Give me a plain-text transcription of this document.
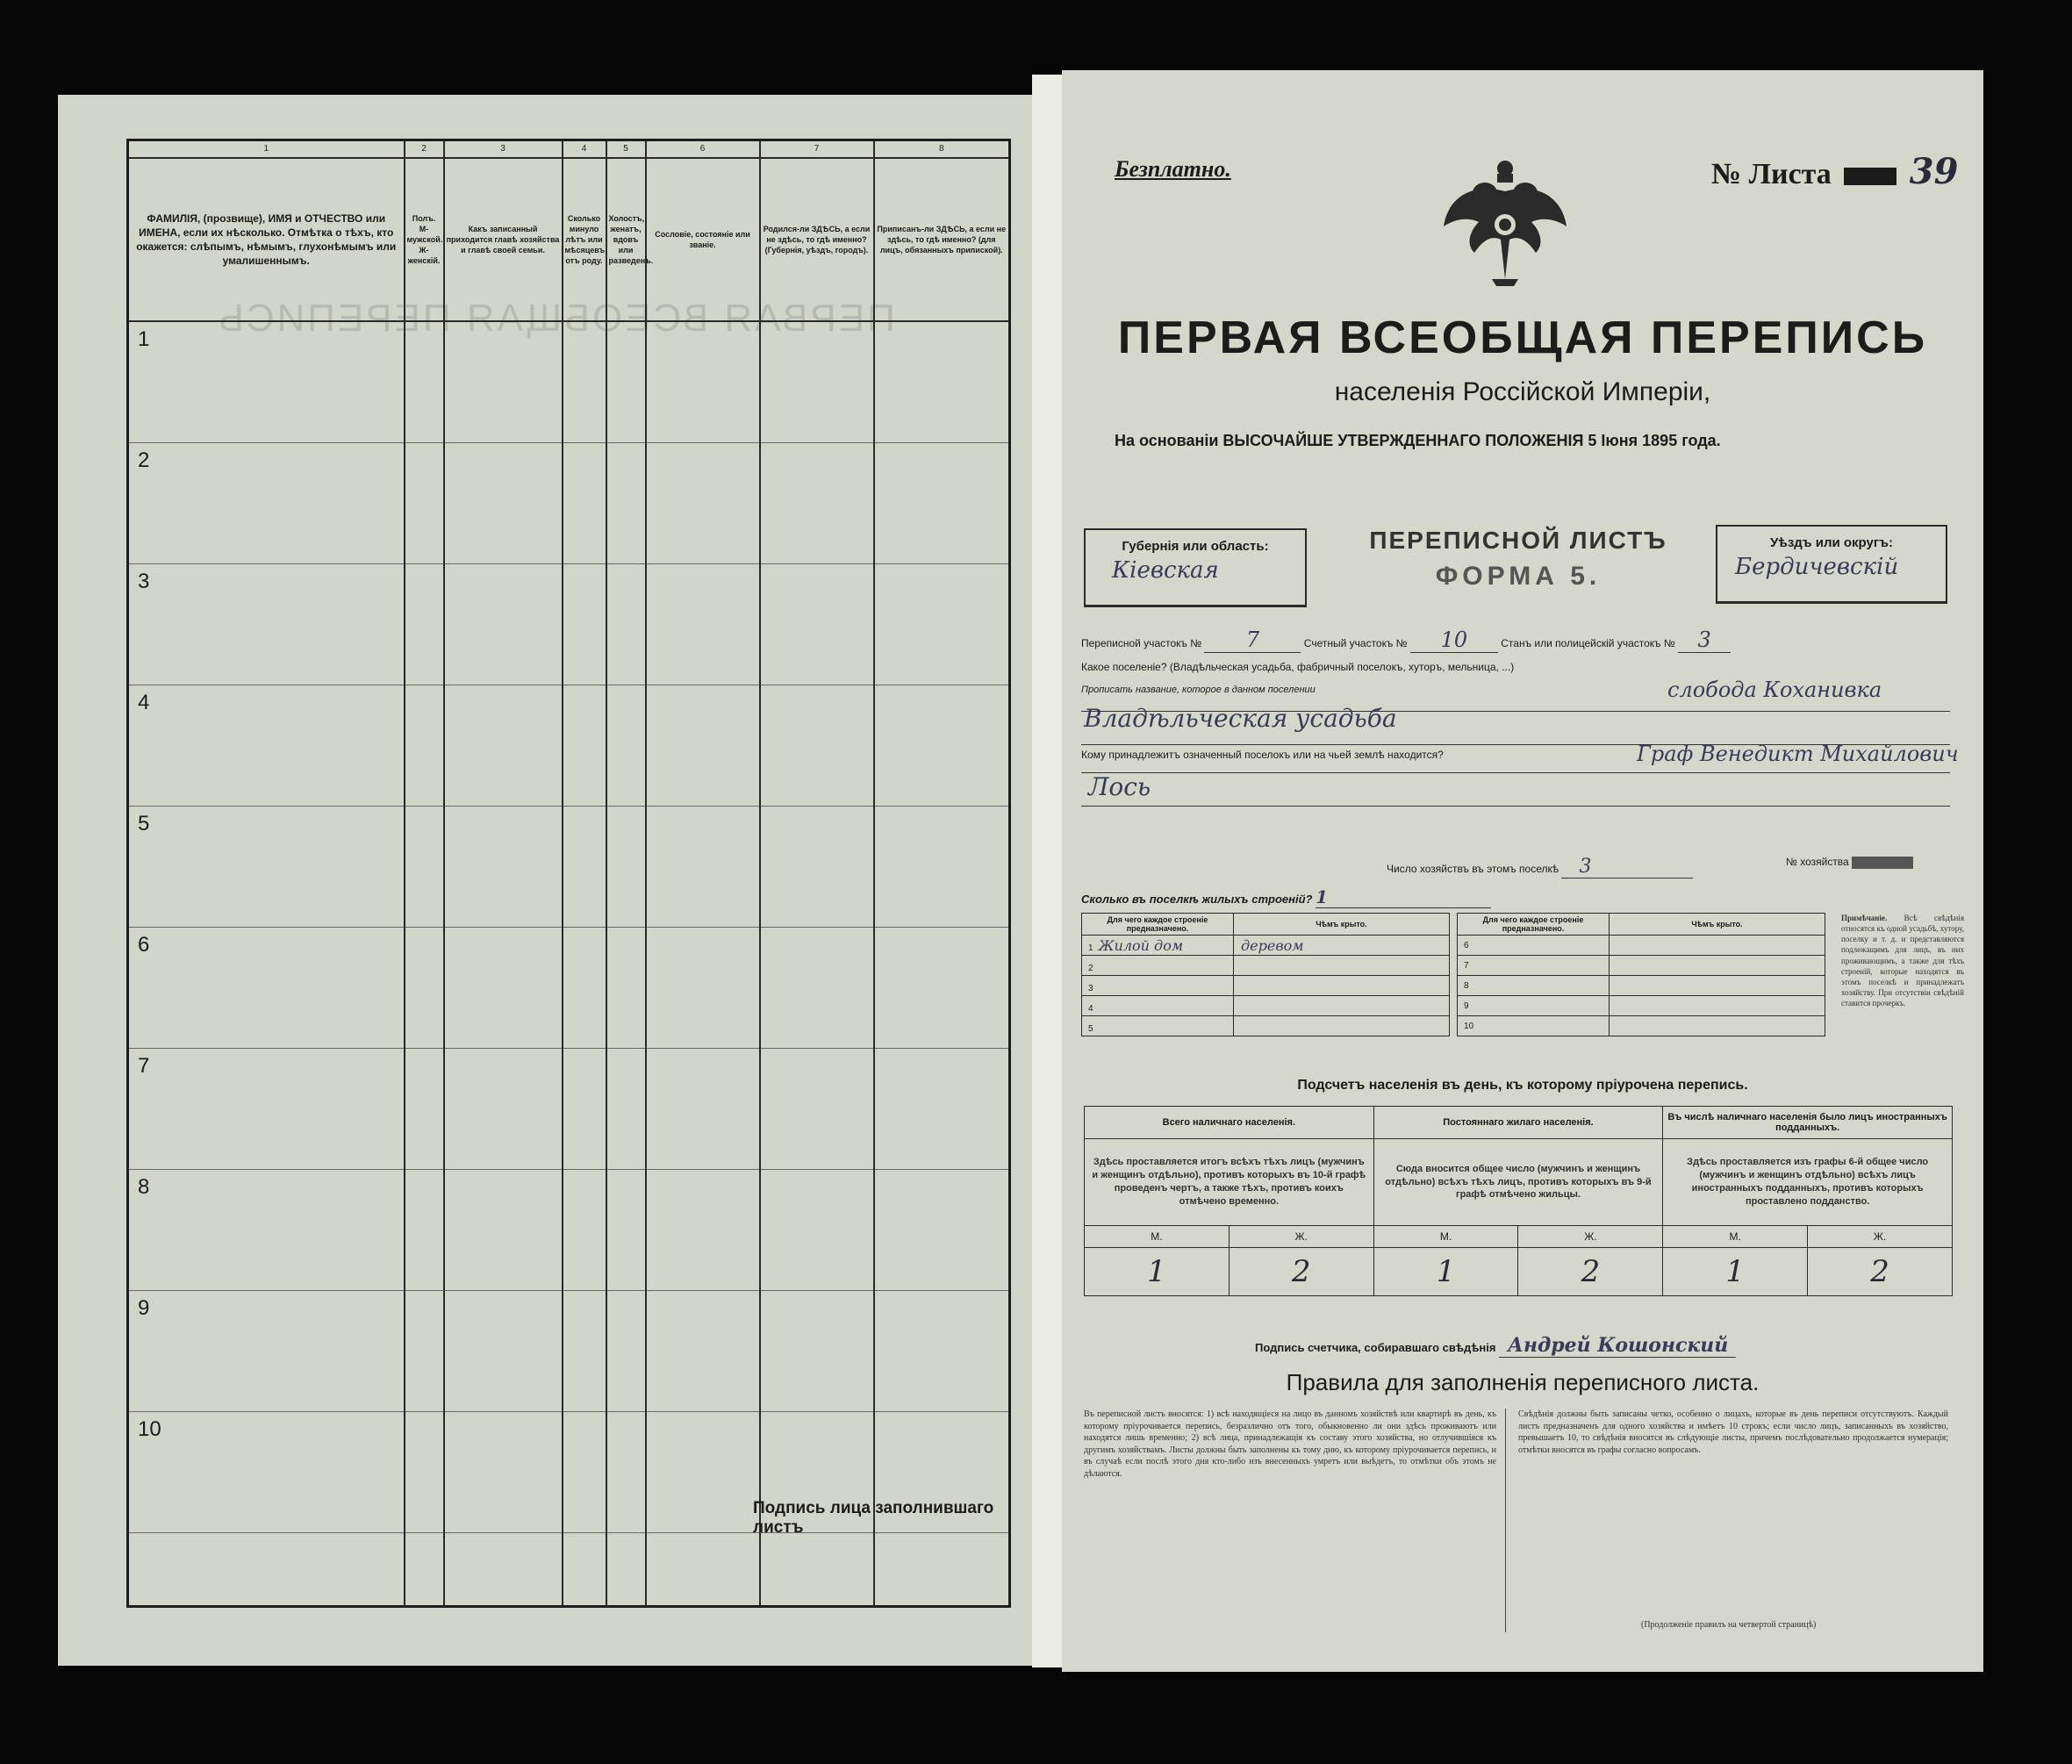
ПЕРВАЯ ВСЕОБЩАЯ ПЕРЕПИСЬ
1	2	3	4	5	6	7	8
ФАМИЛІЯ, (прозвище), ИМЯ и ОТЧЕСТВО или ИМЕНА, если их нѣсколько. Отмѣтка о тѣхъ, кто окажется: слѣпымъ, нѣмымъ, глухонѣмымъ или умалишеннымъ.	Полъ. М-мужской. Ж-женскій.	Какъ записанный приходится главѣ хозяйства и главѣ своей семьи.	Сколько минуло лѣтъ или мѣсяцевъ отъ роду.	Холостъ, женатъ, вдовъ или разведенъ.	Сословіе, состояніе или званіе.	Родился-ли ЗДѢСЬ, а если не здѣсь, то гдѣ именно? (Губернія, уѣздъ, городъ).	Приписанъ-ли ЗДѢСЬ, а если не здѣсь, то гдѣ именно? (для лицъ, обязанныхъ припиской).
1							
2							
3							
4							
5							
6							
7							
8							
9							
10							

Подпись лица заполнившаго листъ
Безплатно.	№ Листа 39
ПЕРВАЯ ВСЕОБЩАЯ ПЕРЕПИСЬ
населенія Россійской Имперіи,
На основаніи ВЫСОЧАЙШЕ УТВЕРЖДЕННАГО ПОЛОЖЕНІЯ 5 Іюня 1895 года.
Губернія или область:
Кіевская
ПЕРЕПИСНОЙ ЛИСТЪ
ФОРМА 5.
Уѣздъ или округъ:
Бердичевскій
Переписной участокъ № 7	Счетный участокъ № 10	Станъ или полицейскій участокъ № 3
Какое поселеніе? (Владѣльческая усадьба, фабричный поселокъ, хуторъ, мельница, ...)
Прописать название, которое в данном поселении	слобода Коханивка
Владѣльческая усадьба
Кому принадлежитъ означенный поселокъ или на чьей землѣ находится?	Граф Венедикт Михайлович
Лось
Число хозяйствъ въ этомъ поселкѣ 3	№ хозяйства
Сколько въ поселкѣ жилыхъ строеній? 1
Для чего каждое строеніе предназначено.	Чѣмъ крыто.
1 Жилой дом	деревом
2	
3	
4	
5	
Для чего каждое строеніе предназначено.	Чѣмъ крыто.
6	
7	
8	
9	
10	
Примѣчаніе. Всѣ свѣдѣнія относятся къ одной усадьбѣ, хутору, поселку и т. д. и представляются подлежащимъ для лицъ, въ них проживающимъ, а также для тѣхъ строеній, которые находятся въ этомъ поселкѣ и принадлежатъ хозяйству. При отсутствіи свѣдѣній ставится прочеркъ.
Подсчетъ населенія въ день, къ которому пріурочена перепись.
Всего наличнаго населенія.		Постояннаго жилаго населенія.		Въ числѣ наличнаго населенія было лицъ иностранныхъ подданныхъ.	
Здѣсь проставляется итогъ всѣхъ тѣхъ лицъ (мужчинъ и женщинъ отдѣльно), противъ которыхъ въ 10-й графѣ проведенъ чертъ, а также тѣхъ, противъ коихъ отмѣчено временно.		Сюда вносится общее число (мужчинъ и женщинъ отдѣльно) всѣхъ тѣхъ лицъ, противъ которыхъ въ 9-й графѣ отмѣчено жильцы.		Здѣсь проставляется изъ графы 6-й общее число (мужчинъ и женщинъ отдѣльно) всѣхъ лицъ иностранныхъ подданныхъ, противъ которыхъ проставлено подданство.	
М.	Ж.	М.	Ж.	М.	Ж.
1	2	1	2	1	2
Подпись счетчика, собиравшаго свѣдѣнія Андрей Кошонский
Правила для заполненія переписного листа.
Въ переписной листъ вносятся: 1) всѣ находящіеся на лицо въ данномъ хозяйствѣ или квартирѣ въ день, къ которому пріурочивается перепись, безразлично отъ того, обыкновенно ли они здѣсь проживаютъ или находятся лишь временно; 2) всѣ лица, принадлежащія къ составу этого хозяйства, но отлучившіяся къ другимъ хозяйствамъ. Листы должны быть заполнены къ тому дню, къ которому пріурочивается перепись, и въ случаѣ если послѣ этого дня кто-либо изъ внесенныхъ умретъ или выѣдетъ, то отмѣтки объ этомъ не дѣлаются.
Свѣдѣнія должны быть записаны четко, особенно о лицахъ, которые въ день переписи отсутствуютъ. Каждый листъ предназначенъ для одного хозяйства и имѣетъ 10 строкъ; если число лицъ, записанныхъ въ хозяйство, превышаетъ 10, то свѣдѣнія вносятся въ слѣдующіе листы, причемъ послѣдовательно продолжается нумерація; отмѣтки вносятся въ графы согласно вопросамъ.
(Продолженіе правилъ на четвертой страницѣ)
